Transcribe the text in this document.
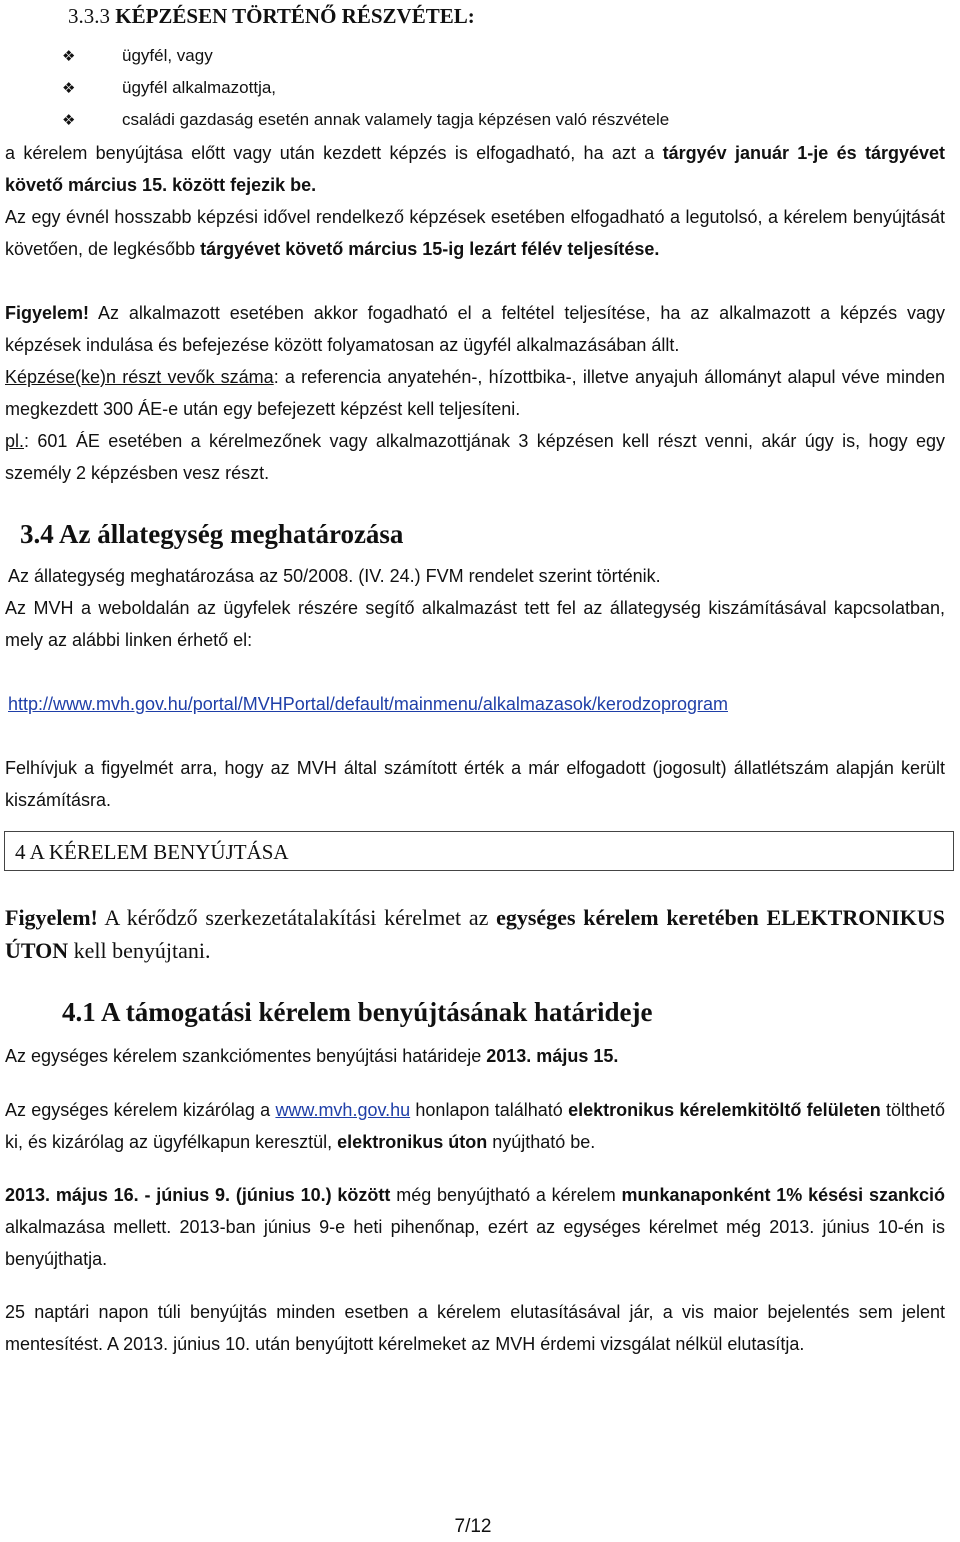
3.3.3 KÉPZÉSEN TÖRTÉNŐ RÉSZVÉTEL:
❖	ügyfél, vagy
❖	ügyfél alkalmazottja,
❖	családi gazdaság esetén annak valamely tagja képzésen való részvétele
a kérelem benyújtása előtt vagy után kezdett képzés is elfogadható, ha azt a tárgyév január 1-je és tárgyévet követő március 15. között fejezik be.
Az egy évnél hosszabb képzési idővel rendelkező képzések esetében elfogadható a legutolsó, a kérelem benyújtását követően, de legkésőbb tárgyévet követő március 15-ig lezárt félév teljesítése.
Figyelem! Az alkalmazott esetében akkor fogadható el a feltétel teljesítése, ha az alkalmazott a képzés vagy képzések indulása és befejezése között folyamatosan az ügyfél alkalmazásában állt.
Képzése(ke)n részt vevők száma: a referencia anyatehén-, hízottbika-, illetve anyajuh állományt alapul véve minden megkezdett 300 ÁE-e után egy befejezett képzést kell teljesíteni.
pl.: 601 ÁE esetében a kérelmezőnek vagy alkalmazottjának 3 képzésen kell részt venni, akár úgy is, hogy egy személy 2 képzésben vesz részt.
3.4 Az állategység meghatározása
Az állategység meghatározása az 50/2008. (IV. 24.) FVM rendelet szerint történik.
Az MVH a weboldalán az ügyfelek részére segítő alkalmazást tett fel az állategység kiszámításával kapcsolatban, mely az alábbi linken érhető el:
http://www.mvh.gov.hu/portal/MVHPortal/default/mainmenu/alkalmazasok/kerodzoprogram
Felhívjuk a figyelmét arra, hogy az MVH által számított érték a már elfogadott (jogosult) állatlétszám alapján került kiszámításra.
4 A KÉRELEM BENYÚJTÁSA
Figyelem! A kérődző szerkezetátalakítási kérelmet az egységes kérelem keretében ELEKTRONIKUS ÚTON kell benyújtani.
4.1 A támogatási kérelem benyújtásának határideje
Az egységes kérelem szankciómentes benyújtási határideje 2013. május 15.
Az egységes kérelem kizárólag a www.mvh.gov.hu honlapon található elektronikus kérelemkitöltő felületen tölthető ki, és kizárólag az ügyfélkapun keresztül, elektronikus úton nyújtható be.
2013. május 16. - június 9. (június 10.) között még benyújtható a kérelem munkanaponként 1% késési szankció alkalmazása mellett. 2013-ban június 9-e heti pihenőnap, ezért az egységes kérelmet még 2013. június 10-én is benyújthatja.
25 naptári napon túli benyújtás minden esetben a kérelem elutasításával jár, a vis maior bejelentés sem jelent mentesítést. A 2013. június 10. után benyújtott kérelmeket az MVH érdemi vizsgálat nélkül elutasítja.
7/12
